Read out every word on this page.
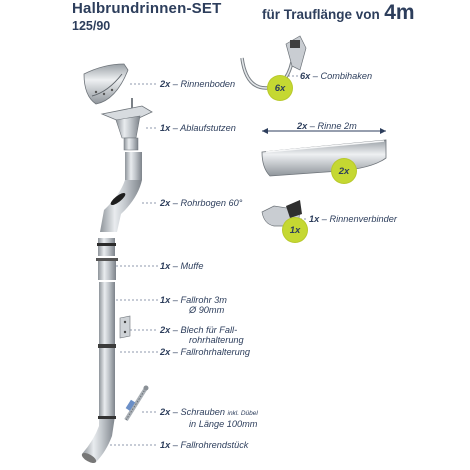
Halbrundrinnen-SET
125/90
für Trauflänge von 4m
6x
2x
1x
6x – Combihaken
2x – Rinne 2m
1x – Rinnenverbinder
2x – Rinnenboden
1x – Ablaufstutzen
2x – Rohrbogen 60°
1x – Muffe
1x – Fallrohr 3m
Ø 90mm
2x – Blech für Fall-
rohrhalterung
2x – Fallrohrhalterung
2x – Schrauben inkl. Dübel
in Länge 100mm
1x – Fallrohrendstück
